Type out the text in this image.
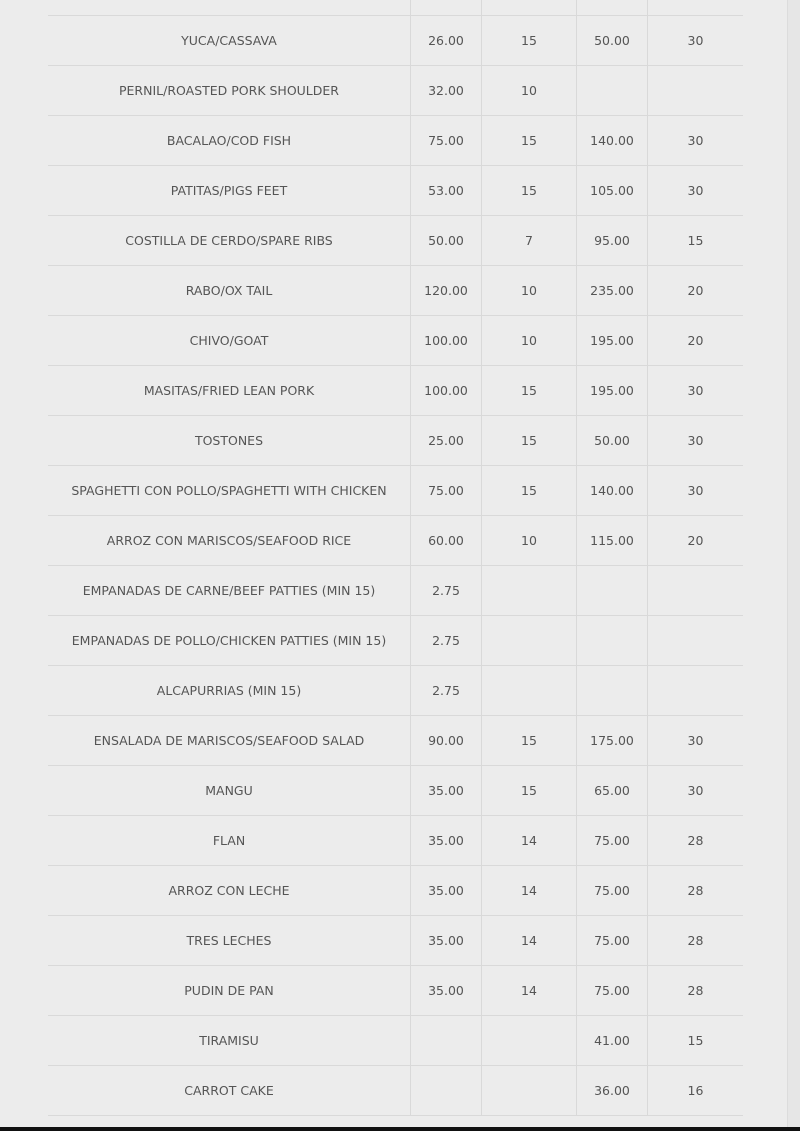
YUCA/CASSAVA	26.00	15	50.00	30
PERNIL/ROASTED PORK SHOULDER	32.00	10		
BACALAO/COD FISH	75.00	15	140.00	30
PATITAS/PIGS FEET	53.00	15	105.00	30
COSTILLA DE CERDO/SPARE RIBS	50.00	7	95.00	15
RABO/OX TAIL	120.00	10	235.00	20
CHIVO/GOAT	100.00	10	195.00	20
MASITAS/FRIED LEAN PORK	100.00	15	195.00	30
TOSTONES	25.00	15	50.00	30
SPAGHETTI CON POLLO/SPAGHETTI WITH CHICKEN	75.00	15	140.00	30
ARROZ CON MARISCOS/SEAFOOD RICE	60.00	10	115.00	20
EMPANADAS DE CARNE/BEEF PATTIES (MIN 15)	2.75			
EMPANADAS DE POLLO/CHICKEN PATTIES (MIN 15)	2.75			
ALCAPURRIAS (MIN 15)	2.75			
ENSALADA DE MARISCOS/SEAFOOD SALAD	90.00	15	175.00	30
MANGU	35.00	15	65.00	30
FLAN	35.00	14	75.00	28
ARROZ CON LECHE	35.00	14	75.00	28
TRES LECHES	35.00	14	75.00	28
PUDIN DE PAN	35.00	14	75.00	28
TIRAMISU			41.00	15
CARROT CAKE			36.00	16
